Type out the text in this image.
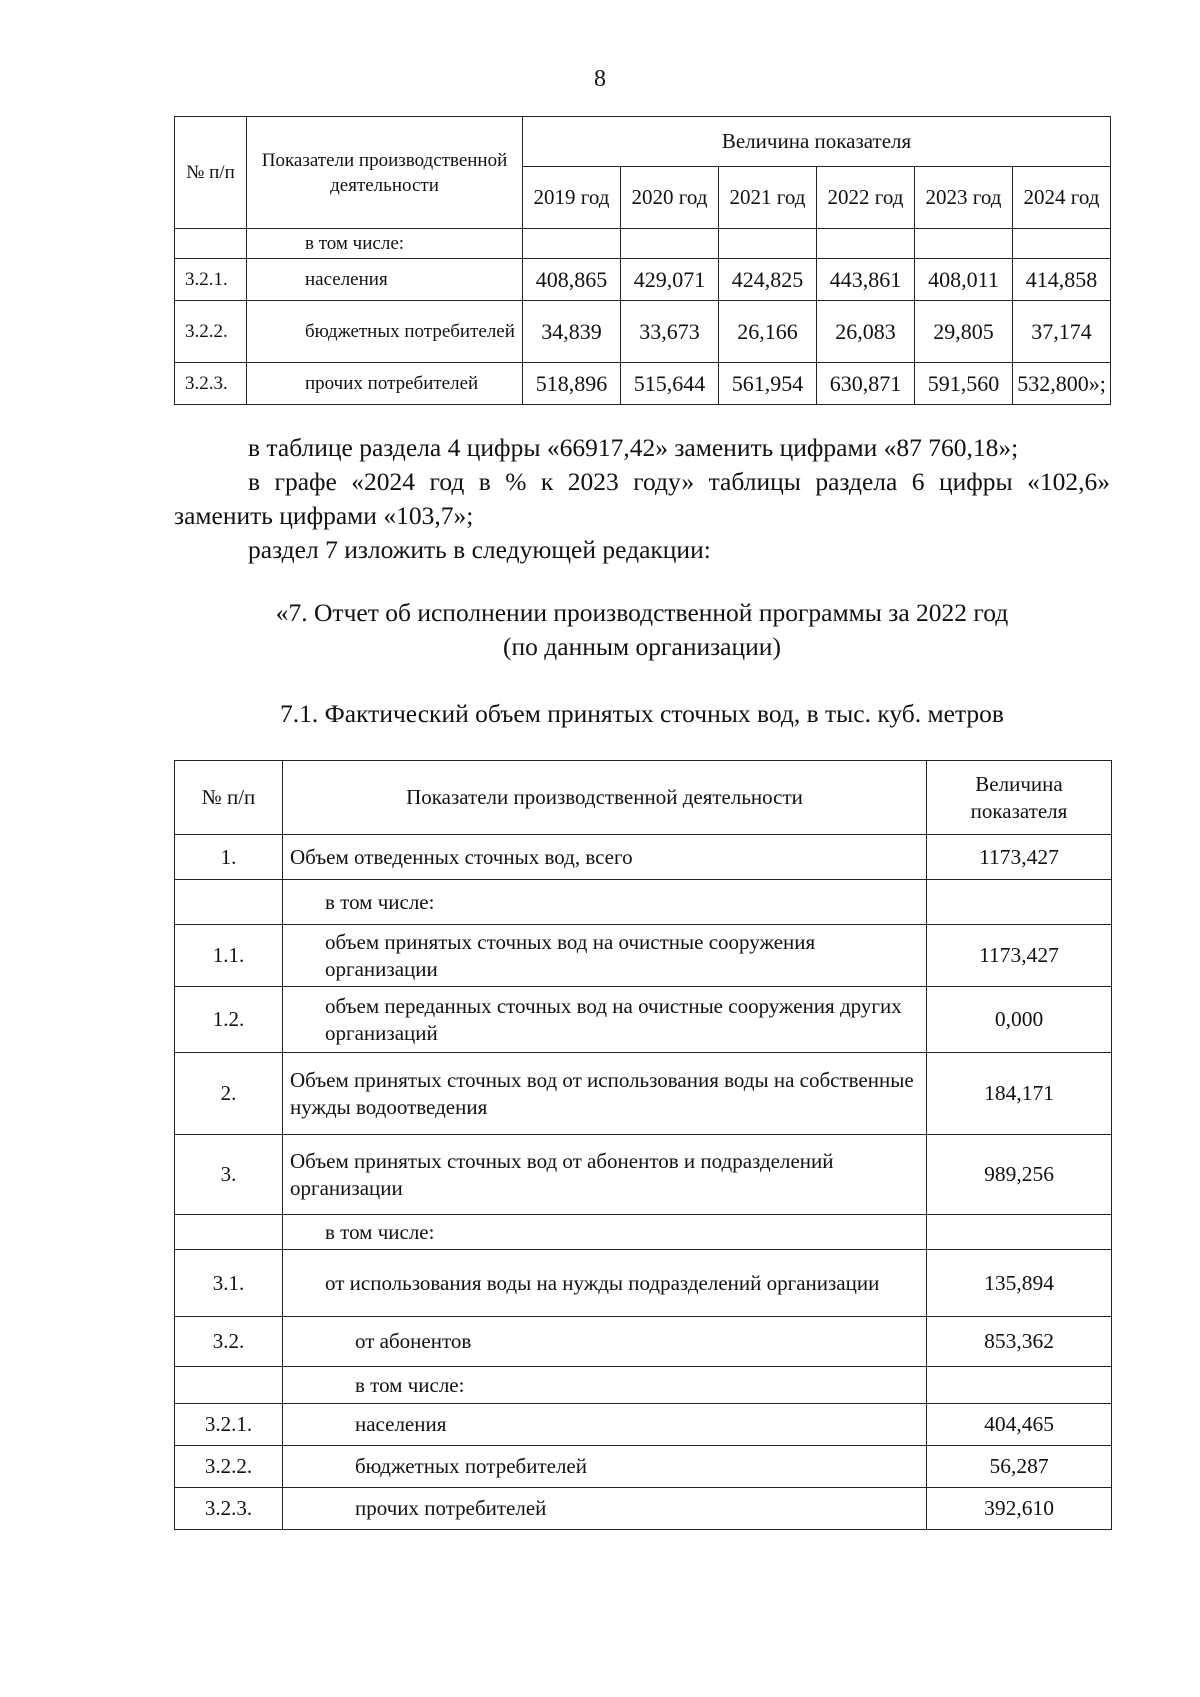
8
№ п/п	Показатели производственной деятельности	Величина показателя					
		2019 год	2020 год	2021 год	2022 год	2023 год	2024 год
	в том числе:						
3.2.1.	населения	408,865	429,071	424,825	443,861	408,011	414,858
3.2.2.	бюджетных потребителей	34,839	33,673	26,166	26,083	29,805	37,174
3.2.3.	прочих потребителей	518,896	515,644	561,954	630,871	591,560	532,800»;

в таблице раздела 4 цифры «66917,42» заменить цифрами «87 760,18»;

в графе «2024 год в % к 2023 году» таблицы раздела 6 цифры «102,6»

заменить цифрами «103,7»;

раздел 7 изложить в следующей редакции:

«7. Отчет об исполнении производственной программы за 2022 год

(по данным организации)

7.1. Фактический объем принятых сточных вод, в тыс. куб. метров

№ п/п	Показатели производственной деятельности	Величина показателя
1.	Объем отведенных сточных вод, всего	1173,427
	в том числе:	
1.1.	объем принятых сточных вод на очистные сооружения организации	1173,427
1.2.	объем переданных сточных вод на очистные сооружения других организаций	0,000
2.	Объем принятых сточных вод от использования воды на собственные нужды водоотведения	184,171
3.	Объем принятых сточных вод от абонентов и подразделений организации	989,256
	в том числе:	
3.1.	от использования воды на нужды подразделений организации	135,894
3.2.	от абонентов	853,362
	в том числе:	
3.2.1.	населения	404,465
3.2.2.	бюджетных потребителей	56,287
3.2.3.	прочих потребителей	392,610
